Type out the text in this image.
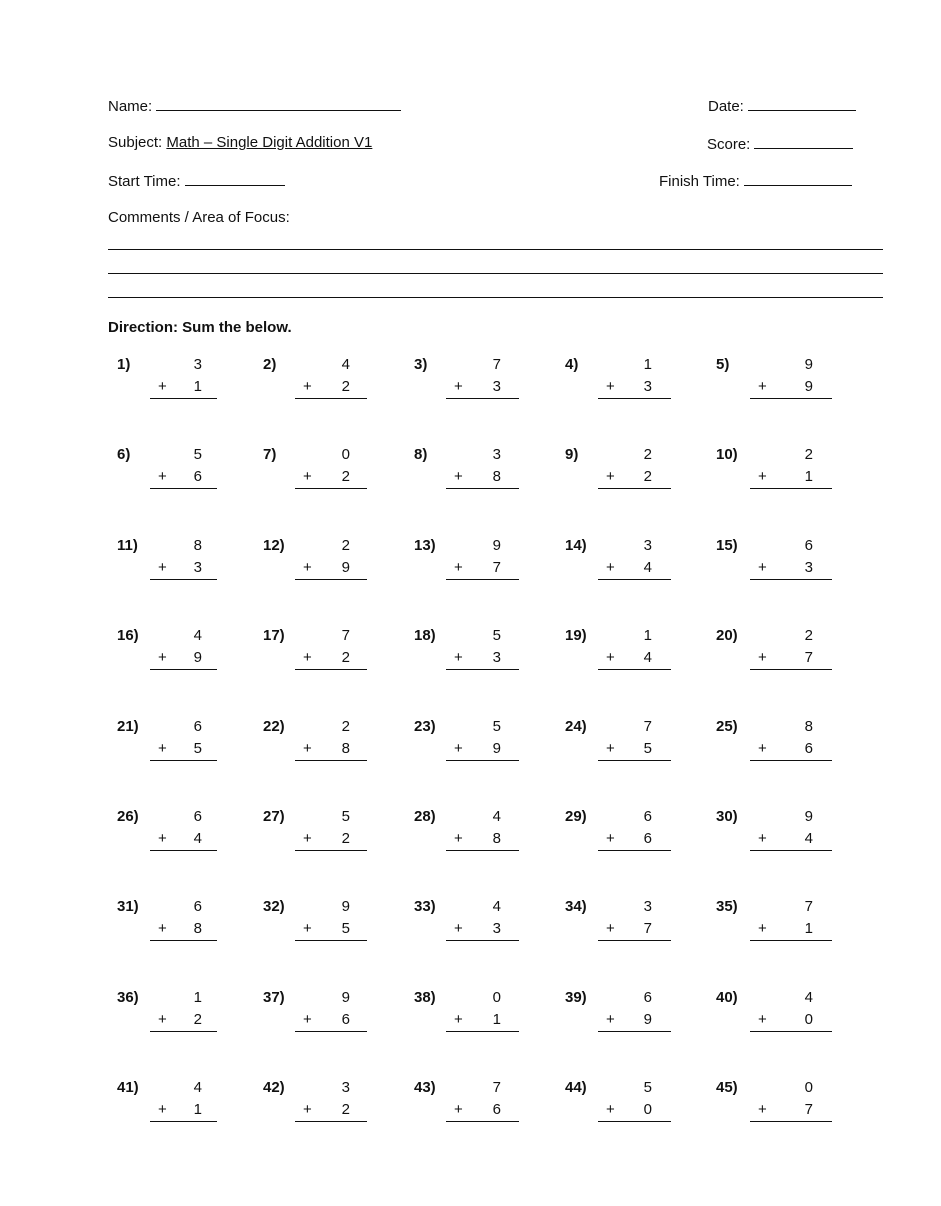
Name:	Date:
Subject: Math – Single Digit Addition V1	Score:
Start Time:	Finish Time:
Comments / Area of Focus:
Direction: Sum the below.
1)	3
+	1
2)	4
+	2
3)	7
+	3
4)	1
+	3
5)	9
+	9
6)	5
+	6
7)	0
+	2
8)	3
+	8
9)	2
+	2
10)	2
+	1
11)	8
+	3
12)	2
+	9
13)	9
+	7
14)	3
+	4
15)	6
+	3
16)	4
+	9
17)	7
+	2
18)	5
+	3
19)	1
+	4
20)	2
+	7
21)	6
+	5
22)	2
+	8
23)	5
+	9
24)	7
+	5
25)	8
+	6
26)	6
+	4
27)	5
+	2
28)	4
+	8
29)	6
+	6
30)	9
+	4
31)	6
+	8
32)	9
+	5
33)	4
+	3
34)	3
+	7
35)	7
+	1
36)	1
+	2
37)	9
+	6
38)	0
+	1
39)	6
+	9
40)	4
+	0
41)	4
+	1
42)	3
+	2
43)	7
+	6
44)	5
+	0
45)	0
+	7
